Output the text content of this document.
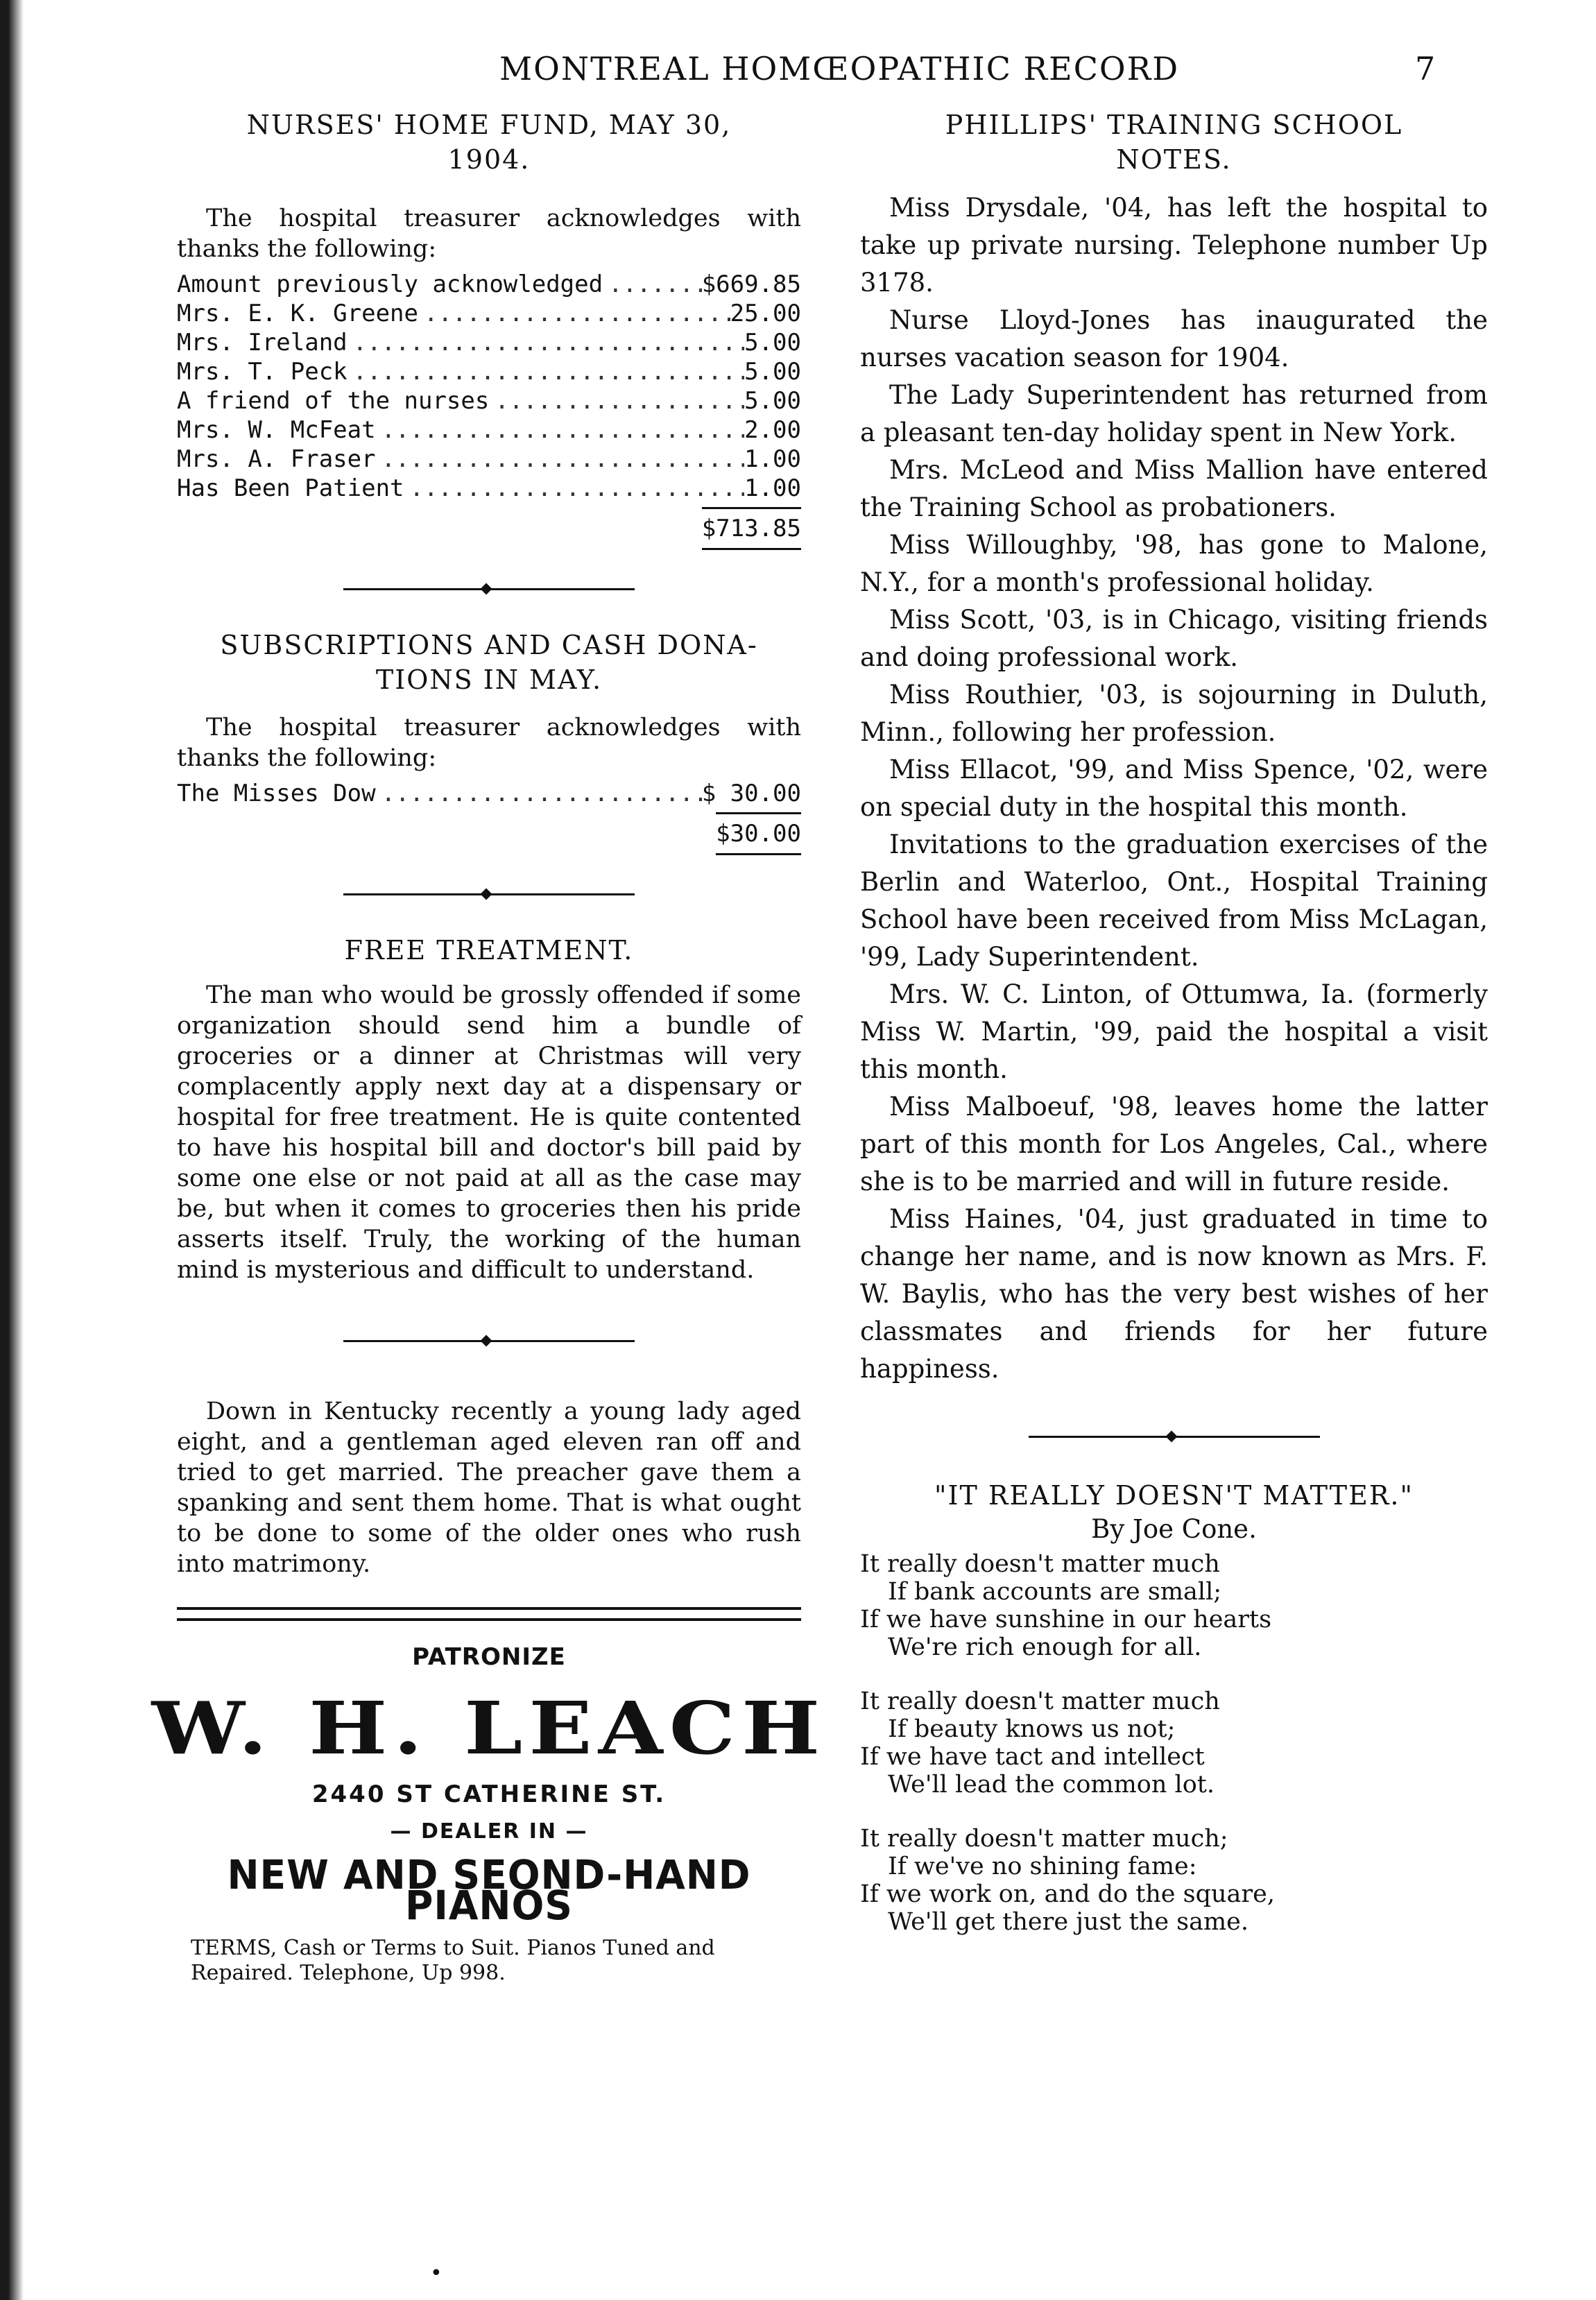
MONTREAL HOMŒOPATHIC RECORD	7

NURSES' HOME FUND, MAY 30,

1904.

The hospital treasurer acknowledges with thanks the following:

Amount previously acknowledged .....	$669.85
Mrs. E. K. Greene .....	25.00
Mrs. Ireland .....	5.00
Mrs. T. Peck .....	5.00
A friend of the nurses .....	5.00
Mrs. W. McFeat .....	2.00
Mrs. A. Fraser .....	1.00
Has Been Patient .....	1.00
$713.85

SUBSCRIPTIONS AND CASH DONA-

TIONS IN MAY.

The hospital treasurer acknowledges with thanks the following:

The Misses Dow .....	$ 30.00
$30.00

FREE TREATMENT.

The man who would be grossly offended if some organization should send him a bundle of groceries or a dinner at Christmas will very complacently apply next day at a dispensary or hospital for free treatment. He is quite contented to have his hospital bill and doctor's bill paid by some one else or not paid at all as the case may be, but when it comes to groceries then his pride asserts itself. Truly, the working of the human mind is mysterious and difficult to understand.

Down in Kentucky recently a young lady aged eight, and a gentleman aged eleven ran off and tried to get married. The preacher gave them a spanking and sent them home. That is what ought to be done to some of the older ones who rush into matrimony.

PATRONIZE
W. H. LEACH
2440 ST CATHERINE ST.
— DEALER IN —
NEW AND SEOND-HAND PIANOS
TERMS, Cash or Terms to Suit. Pianos Tuned and Repaired. Telephone, Up 998.

PHILLIPS' TRAINING SCHOOL

NOTES.

Miss Drysdale, '04, has left the hospital to take up private nursing. Telephone number Up 3178.

Nurse Lloyd-Jones has inaugurated the nurses vacation season for 1904.

The Lady Superintendent has returned from a pleasant ten-day holiday spent in New York.

Mrs. McLeod and Miss Mallion have entered the Training School as probationers.

Miss Willoughby, '98, has gone to Malone, N.Y., for a month's professional holiday.

Miss Scott, '03, is in Chicago, visiting friends and doing professional work.

Miss Routhier, '03, is sojourning in Duluth, Minn., following her profession.

Miss Ellacot, '99, and Miss Spence, '02, were on special duty in the hospital this month.

Invitations to the graduation exercises of the Berlin and Waterloo, Ont., Hospital Training School have been received from Miss McLagan, '99, Lady Superintendent.

Mrs. W. C. Linton, of Ottumwa, Ia. (formerly Miss W. Martin, '99, paid the hospital a visit this month.

Miss Malboeuf, '98, leaves home the latter part of this month for Los Angeles, Cal., where she is to be married and will in future reside.

Miss Haines, '04, just graduated in time to change her name, and is now known as Mrs. F. W. Baylis, who has the very best wishes of her classmates and friends for her future happiness.

"IT REALLY DOESN'T MATTER."

By Joe Cone.
It really doesn't matter much
If bank accounts are small;
If we have sunshine in our hearts
We're rich enough for all.
It really doesn't matter much
If beauty knows us not;
If we have tact and intellect
We'll lead the common lot.
It really doesn't matter much;
If we've no shining fame:
If we work on, and do the square,
We'll get there just the same.
•
